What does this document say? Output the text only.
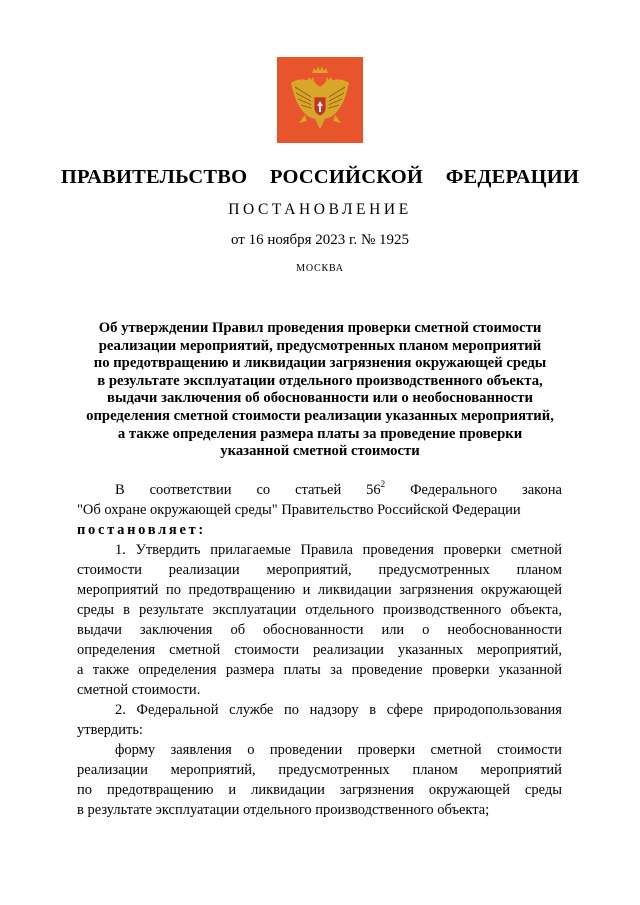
ПРАВИТЕЛЬСТВО  РОССИЙСКОЙ  ФЕДЕРАЦИИ
ПОСТАНОВЛЕНИЕ
от 16 ноября 2023 г. № 1925
МОСКВА
Об утверждении Правил проведения проверки сметной стоимости
реализации мероприятий, предусмотренных планом мероприятий
по предотвращению и ликвидации загрязнения окружающей среды
в результате эксплуатации отдельного производственного объекта,
выдачи заключения об обоснованности или о необоснованности
определения сметной стоимости реализации указанных мероприятий,
а также определения размера платы за проведение проверки
указанной сметной стоимости
В соответствии со статьей $56^2$ Федерального закона
"Об охране окружающей среды" Правительство Российской Федерации
постановляет:
1. Утвердить прилагаемые Правила проведения проверки сметной
стоимости реализации мероприятий, предусмотренных планом
мероприятий по предотвращению и ликвидации загрязнения окружающей
среды в результате эксплуатации отдельного производственного объекта,
выдачи заключения об обоснованности или о необоснованности
определения сметной стоимости реализации указанных мероприятий,
а также определения размера платы за проведение проверки указанной
сметной стоимости.
2. Федеральной службе по надзору в сфере природопользования
утвердить:
форму заявления о проведении проверки сметной стоимости
реализации мероприятий, предусмотренных планом мероприятий
по предотвращению и ликвидации загрязнения окружающей среды
в результате эксплуатации отдельного производственного объекта;
